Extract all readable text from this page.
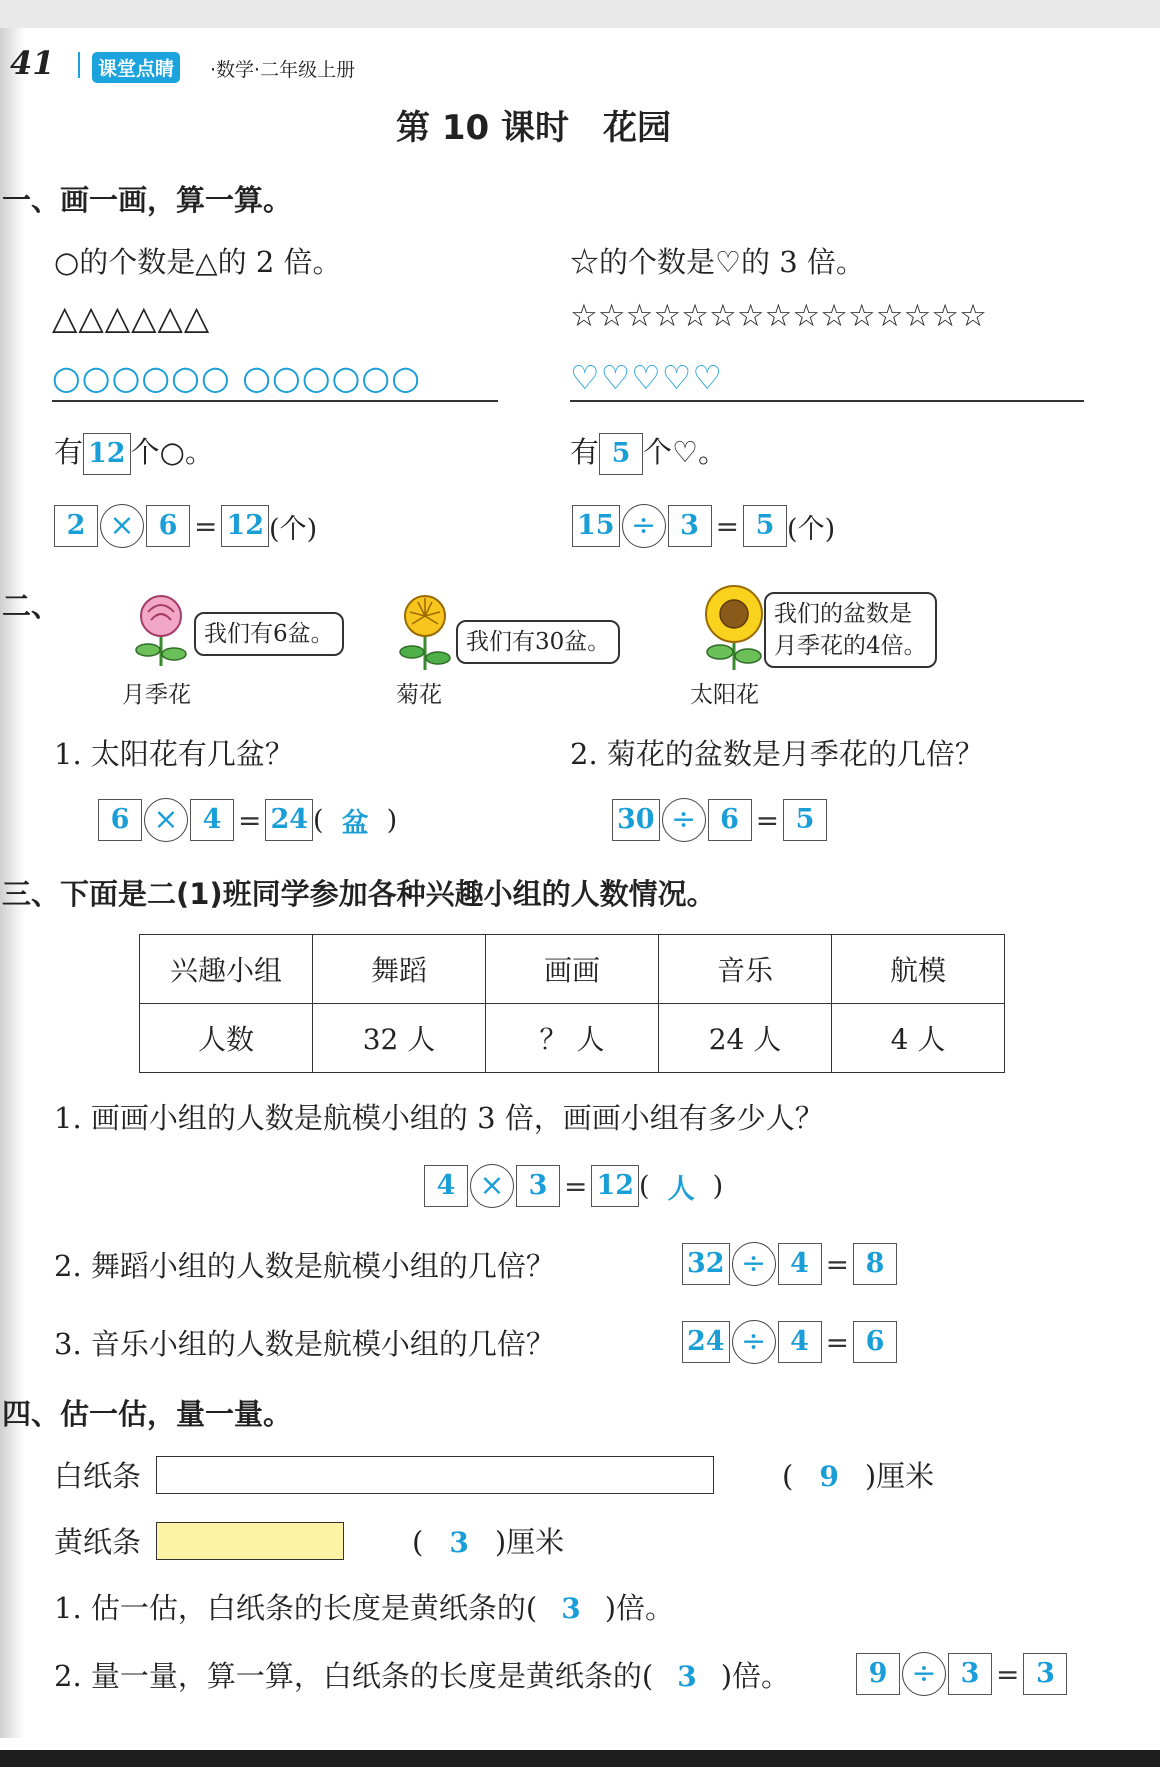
41	课堂点睛	·数学·二年级上册
第 10 课时　花园
一、画一画，算一算。
○的个数是△的 2 倍。
△△△△△△
○○○○○○ ○○○○○○
有 12 个○。
2 × 6 = 12 (个)
☆的个数是♡的 3 倍。
☆☆☆☆☆☆☆☆☆☆☆☆☆☆☆
♡♡♡♡♡
有 5 个♡。
15 ÷ 3 = 5 (个)
二、
月季花
我们有6盆。
菊花
我们有30盆。
太阳花
我们的盆数是
月季花的4倍。
1. 太阳花有几盆？
6 × 4 = 24 ( 盆 )
2. 菊花的盆数是月季花的几倍？
30 ÷ 6 = 5
三、下面是二(1)班同学参加各种兴趣小组的人数情况。
兴趣小组	舞蹈	画画	音乐	航模
人数	32 人	？ 人	24 人	4 人
1. 画画小组的人数是航模小组的 3 倍，画画小组有多少人？
4 × 3 = 12 ( 人 )
2. 舞蹈小组的人数是航模小组的几倍？	32 ÷ 4 = 8
3. 音乐小组的人数是航模小组的几倍？	24 ÷ 4 = 6
四、估一估，量一量。
白纸条	( 9 )厘米
黄纸条	( 3 )厘米
1. 估一估，白纸条的长度是黄纸条的( 3 )倍。
2. 量一量，算一算，白纸条的长度是黄纸条的( 3 )倍。	9 ÷ 3 = 3
